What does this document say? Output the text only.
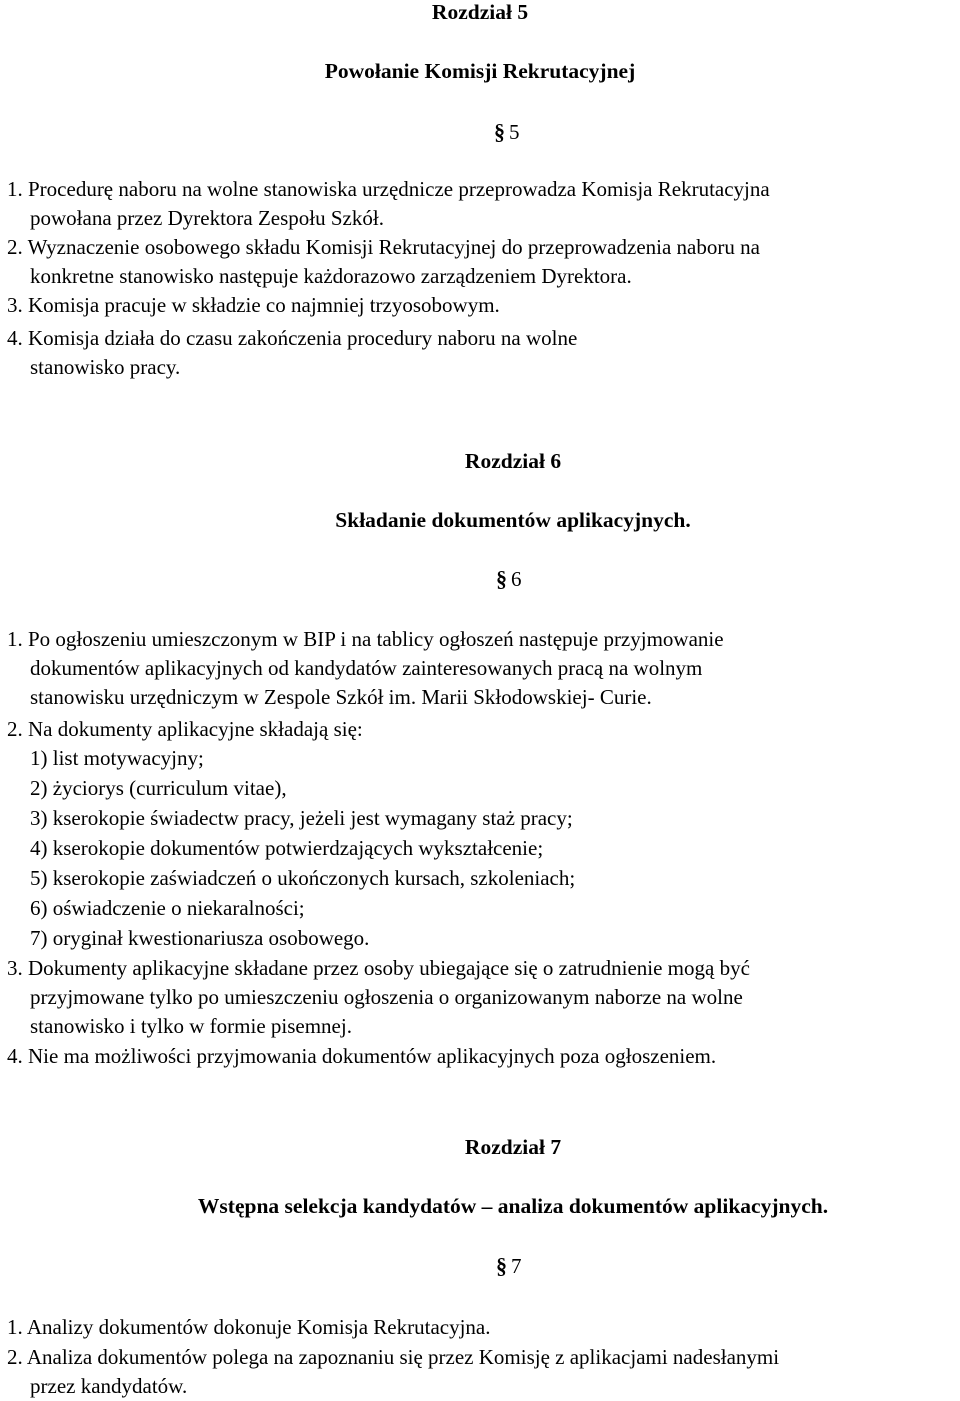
Rozdział 5
Powołanie Komisji Rekrutacyjnej
§ 5
1. Procedurę naboru na wolne stanowiska urzędnicze przeprowadza Komisja Rekrutacyjna
powołana przez Dyrektora Zespołu Szkół.
2. Wyznaczenie osobowego składu Komisji Rekrutacyjnej do przeprowadzenia naboru na
konkretne stanowisko następuje każdorazowo zarządzeniem Dyrektora.
3. Komisja pracuje w składzie co najmniej trzyosobowym.
4. Komisja działa do czasu zakończenia procedury naboru na wolne
stanowisko pracy.
Rozdział 6
Składanie dokumentów aplikacyjnych.
§ 6
1. Po ogłoszeniu umieszczonym w BIP i na tablicy ogłoszeń następuje przyjmowanie
dokumentów aplikacyjnych od kandydatów zainteresowanych pracą na wolnym
stanowisku urzędniczym w Zespole Szkół im. Marii Skłodowskiej- Curie.
2. Na dokumenty aplikacyjne składają się:
1) list motywacyjny;
2) życiorys (curriculum vitae),
3) kserokopie świadectw pracy, jeżeli jest wymagany staż pracy;
4) kserokopie dokumentów potwierdzających wykształcenie;
5) kserokopie zaświadczeń o ukończonych kursach, szkoleniach;
6) oświadczenie o niekaralności;
7) oryginał kwestionariusza osobowego.
3. Dokumenty aplikacyjne składane przez osoby ubiegające się o zatrudnienie mogą być
przyjmowane tylko po umieszczeniu ogłoszenia o organizowanym naborze na wolne
stanowisko i tylko w formie pisemnej.
4. Nie ma możliwości przyjmowania dokumentów aplikacyjnych poza ogłoszeniem.
Rozdział 7
Wstępna selekcja kandydatów – analiza dokumentów aplikacyjnych.
§ 7
1. Analizy dokumentów dokonuje Komisja Rekrutacyjna.
2. Analiza dokumentów polega na zapoznaniu się przez Komisję z aplikacjami nadesłanymi
przez kandydatów.
